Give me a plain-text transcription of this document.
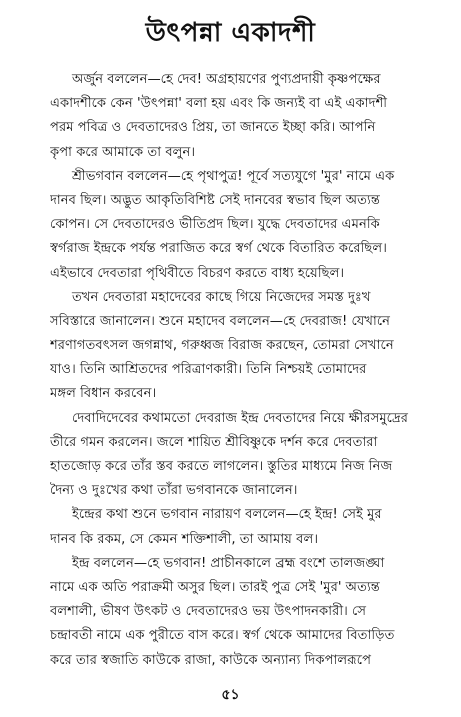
উৎপন্না একাদশী
অর্জুন বললেন—হে দেব! অগ্রহায়ণের পুণ্যপ্রদায়ী কৃষ্ণপক্ষের
একাদশীকে কেন 'উৎপন্না' বলা হয় এবং কি জন্যই বা এই একাদশী
পরম পবিত্র ও দেবতাদেরও প্রিয়, তা জানতে ইচ্ছা করি। আপনি
কৃপা করে আমাকে তা বলুন।
শ্রীভগবান বললেন—হে পৃথাপুত্র! পূর্বে সত্যযুগে 'মুর' নামে এক
দানব ছিল। অদ্ভুত আকৃতিবিশিষ্ট সেই দানবের স্বভাব ছিল অত্যন্ত
কোপন। সে দেবতাদেরও ভীতিপ্রদ ছিল। যুদ্ধে দেবতাদের এমনকি
স্বর্গরাজ ইন্দ্রকে পর্যন্ত পরাজিত করে স্বর্গ থেকে বিতারিত করেছিল।
এইভাবে দেবতারা পৃথিবীতে বিচরণ করতে বাধ্য হয়েছিল।
তখন দেবতারা মহাদেবের কাছে গিয়ে নিজেদের সমস্ত দুঃখ
সবিস্তারে জানালেন। শুনে মহাদেব বললেন—হে দেবরাজ! যেখানে
শরণাগতবৎসল জগন্নাথ, গরুধ্বজ বিরাজ করছেন, তোমরা সেখানে
যাও। তিনি আশ্রিতদের পরিত্রাণকারী। তিনি নিশ্চয়ই তোমাদের
মঙ্গল বিধান করবেন।
দেবাদিদেবের কথামতো দেবরাজ ইন্দ্র দেবতাদের নিয়ে ক্ষীরসমুদ্রের
তীরে গমন করলেন। জলে শায়িত শ্রীবিষ্ণুকে দর্শন করে দেবতারা
হাতজোড় করে তাঁর স্তব করতে লাগলেন। স্তুতির মাধ্যমে নিজ নিজ
দৈন্য ও দুঃখের কথা তাঁরা ভগবানকে জানালেন।
ইন্দ্রের কথা শুনে ভগবান নারায়ণ বললেন—হে ইন্দ্র! সেই মুর
দানব কি রকম, সে কেমন শক্তিশালী, তা আমায় বল।
ইন্দ্র বললেন—হে ভগবান! প্রাচীনকালে ব্রহ্ম বংশে তালজঙ্ঘা
নামে এক অতি পরাক্রমী অসুর ছিল। তারই পুত্র সেই 'মুর' অত্যন্ত
বলশালী, ভীষণ উৎকট ও দেবতাদেরও ভয় উৎপাদনকারী। সে
চন্দ্রাবতী নামে এক পুরীতে বাস করে। স্বর্গ থেকে আমাদের বিতাড়িত
করে তার স্বজাতি কাউকে রাজা, কাউকে অন্যান্য দিকপালরূপে
৫১
